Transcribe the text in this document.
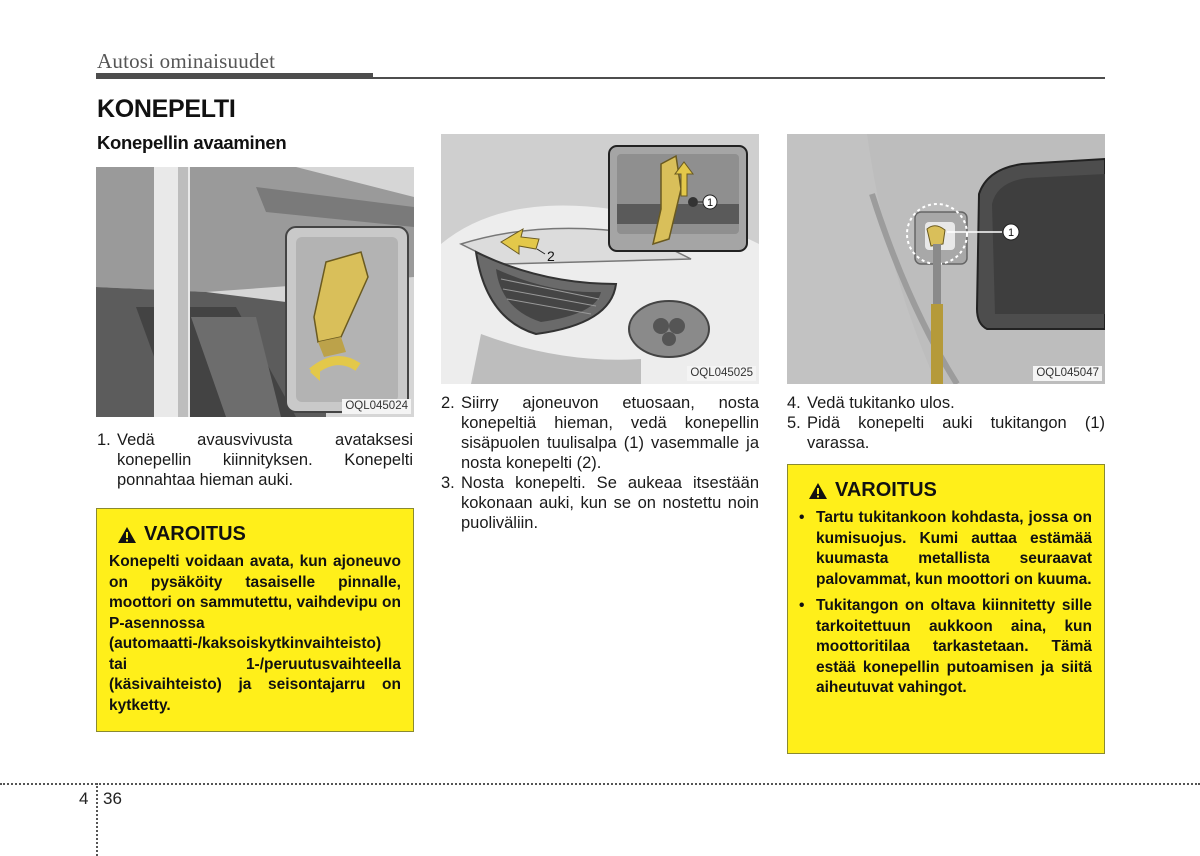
Autosi ominaisuudet
KONEPELTI
Konepellin avaaminen
OQL045024
2
1
OQL045025
1
OQL045047
1. Vedä avausvivusta avataksesi konepellin kiinnityksen. Konepelti ponnahtaa hieman auki.
VAROITUS
Konepelti voidaan avata, kun ajoneuvo on pysäköity tasaiselle pinnalle, moottori on sammutettu, vaihdevipu on P-asennossa (automaatti-/kaksoiskytkinvaihteisto) tai 1-/peruutusvaihteella (käsivaihteisto) ja seisontajarru on kytketty.
2. Siirry ajoneuvon etuosaan, nosta konepeltiä hieman, vedä konepellin sisäpuolen tuulisalpa (1) vasemmalle ja nosta konepelti (2).
3. Nosta konepelti. Se aukeaa itsestään kokonaan auki, kun se on nostettu noin puoliväliin.
4. Vedä tukitanko ulos.
5. Pidä konepelti auki tukitangon (1) varassa.
VAROITUS
• Tartu tukitankoon kohdasta, jossa on kumisuojus. Kumi auttaa estämää kuumasta metallista seuraavat palovammat, kun moottori on kuuma.
• Tukitangon on oltava kiinnitetty sille tarkoitettuun aukkoon aina, kun moottoritilaa tarkastetaan. Tämä estää konepellin putoamisen ja siitä aiheutuvat vahingot.
4 36
